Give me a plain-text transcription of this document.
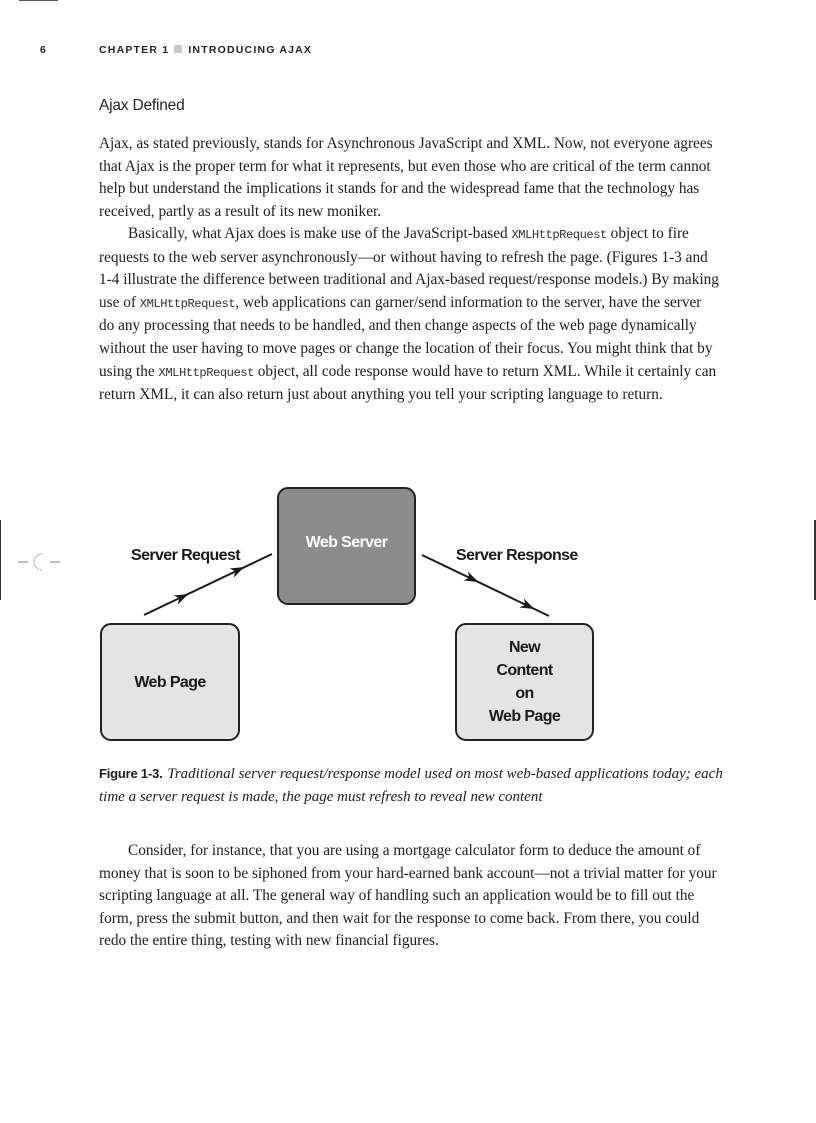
6	CHAPTER 1 INTRODUCING AJAX
Ajax Defined

Ajax, as stated previously, stands for Asynchronous JavaScript and XML. Now, not everyone agrees that Ajax is the proper term for what it represents, but even those who are critical of the term cannot help but understand the implications it stands for and the widespread fame that the technology has received, partly as a result of its new moniker.

Basically, what Ajax does is make use of the JavaScript-based XMLHttpRequest object to fire requests to the web server asynchronously—or without having to refresh the page. (Figures 1-3 and 1-4 illustrate the difference between traditional and Ajax-based request/response models.) By making use of XMLHttpRequest, web applications can garner/send information to the server, have the server do any processing that needs to be handled, and then change aspects of the web page dynamically without the user having to move pages or change the location of their focus. You might think that by using the XMLHttpRequest object, all code response would have to return XML. While it certainly can return XML, it can also return just about anything you tell your scripting language to return.

Server Request	Server Response
Web Server
Web Page
New
Content
on
Web Page
Figure 1-3. Traditional server request/response model used on most web-based applications today; each time a server request is made, the page must refresh to reveal new content

Consider, for instance, that you are using a mortgage calculator form to deduce the amount of money that is soon to be siphoned from your hard-earned bank account—not a trivial matter for your scripting language at all. The general way of handling such an application would be to fill out the form, press the submit button, and then wait for the response to come back. From there, you could redo the entire thing, testing with new financial figures.
